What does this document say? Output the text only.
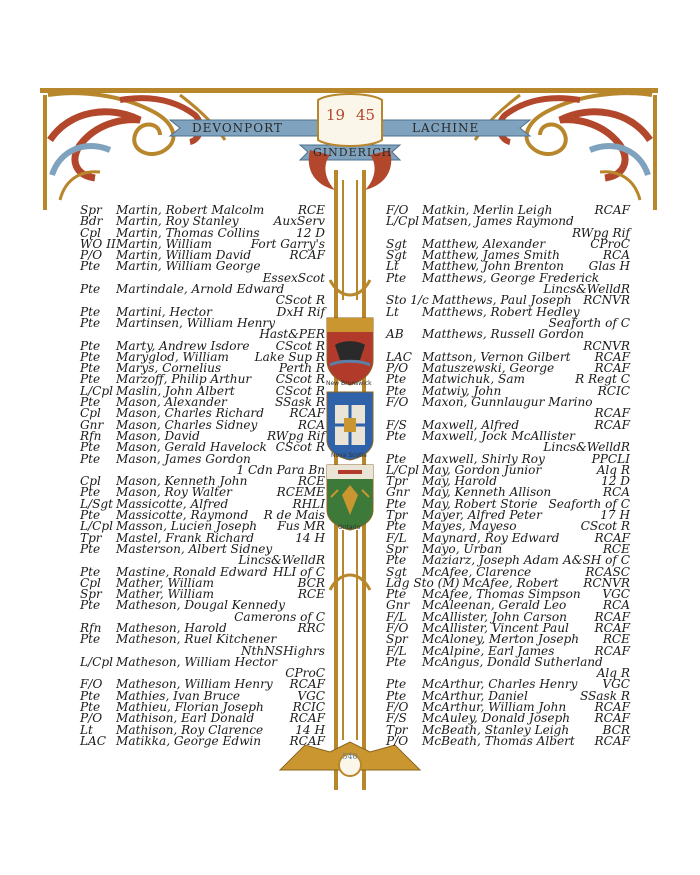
19 45
DEVONPORT	LACHINE
GINDERICH
New Brunswick
Nova Scotia
Ontario
540
Spr	Martin, Robert Malcolm	RCE
Bdr	Martin, Roy Stanley	AuxServ
Cpl	Martin, Thomas Collins	12 D
WO II Martin, William	Fort Garry's
P/O	Martin, William David	RCAF
Pte	Martin, William George
EssexScot
Pte	Martindale, Arnold Edward
CScot R
Pte	Martini, Hector	DxH Rif
Pte	Martinsen, William Henry
Hast&PER
Pte	Marty, Andrew Isdore	CScot R
Pte	Maryglod, William	Lake Sup R
Pte	Marys, Cornelius	Perth R
Pte	Marzoff, Philip Arthur	CScot R
L/Cpl Maslin, John Albert	CScot R
Pte	Mason, Alexander	SSask R
Cpl	Mason, Charles Richard	RCAF
Gnr	Mason, Charles Sidney	RCA
Rfn	Mason, David	RWpg Rif
Pte	Mason, Gerald Havelock CScot R
Pte	Mason, James Gordon
1 Cdn Para Bn
Cpl	Mason, Kenneth John	RCE
Pte	Mason, Roy Walter	RCEME
L/Sgt Massicotte, Alfred	RHLI
Pte	Massicotte, Raymond	R de Mais
L/Cpl Masson, Lucien Joseph	Fus MR
Tpr	Mastel, Frank Richard	14 H
Pte	Masterson, Albert Sidney
Lincs&WelldR
Pte	Mastine, Ronald Edward HLI of C
Cpl	Mather, William	BCR
Spr	Mather, William	RCE
Pte	Matheson, Dougal Kennedy
Camerons of C
Rfn	Matheson, Harold	RRC
Pte	Matheson, Ruel Kitchener
NthNSHighrs
L/Cpl Matheson, William Hector
CProC
F/O	Matheson, William Henry	RCAF
Pte	Mathies, Ivan Bruce	VGC
Pte	Mathieu, Florian Joseph	RCIC
P/O	Mathison, Earl Donald	RCAF
Lt	Mathison, Roy Clarence	14 H
LAC Matikka, George Edwin	RCAF
F/O	Matkin, Merlin Leigh	RCAF
L/Cpl Matsen, James Raymond
RWpg Rif
Sgt	Matthew, Alexander	CProC
Sgt	Matthew, James Smith	RCA
Lt	Matthew, John Brenton	Glas H
Pte	Matthews, George Frederick
Lincs&WelldR
Sto 1/c Matthews, Paul Joseph RCNVR
Lt	Matthews, Robert Hedley
Seaforth of C
AB	Matthews, Russell Gordon
RCNVR
LAC Mattson, Vernon Gilbert	RCAF
P/O	Matuszewski, George	RCAF
Pte	Matwichuk, Sam	R Regt C
Pte	Matwiy, John	RCIC
F/O	Maxon, Gunnlaugur Marino
RCAF
F/S	Maxwell, Alfred	RCAF
Pte	Maxwell, Jock McAllister
Lincs&WelldR
Pte	Maxwell, Shirly Roy	PPCLI
L/Cpl May, Gordon Junior	Alq R
Tpr	May, Harold	12 D
Gnr	May, Kenneth Allison	RCA
Pte	May, Robert Storie Seaforth of C
Tpr	Mayer, Alfred Peter	17 H
Pte	Mayes, Mayeso	CScot R
F/L	Maynard, Roy Edward	RCAF
Spr	Mayo, Urban	RCE
Pte	Maziarz, Joseph Adam A&SH of C
Sgt	McAfee, Clarence	RCASC
Ldg Sto (M) McAfee, Robert	RCNVR
Pte	McAfee, Thomas Simpson	VGC
Gnr	McAleenan, Gerald Leo	RCA
F/L	McAllister, John Carson	RCAF
F/O	McAllister, Vincent Paul	RCAF
Spr	McAloney, Merton Joseph	RCE
F/L	McAlpine, Earl James	RCAF
Pte	McAngus, Donald Sutherland
Alq R
Pte	McArthur, Charles Henry	VGC
Pte	McArthur, Daniel	SSask R
F/O	McArthur, William John	RCAF
F/S	McAuley, Donald Joseph	RCAF
Tpr	McBeath, Stanley Leigh	BCR
P/O	McBeath, Thomas Albert	RCAF
